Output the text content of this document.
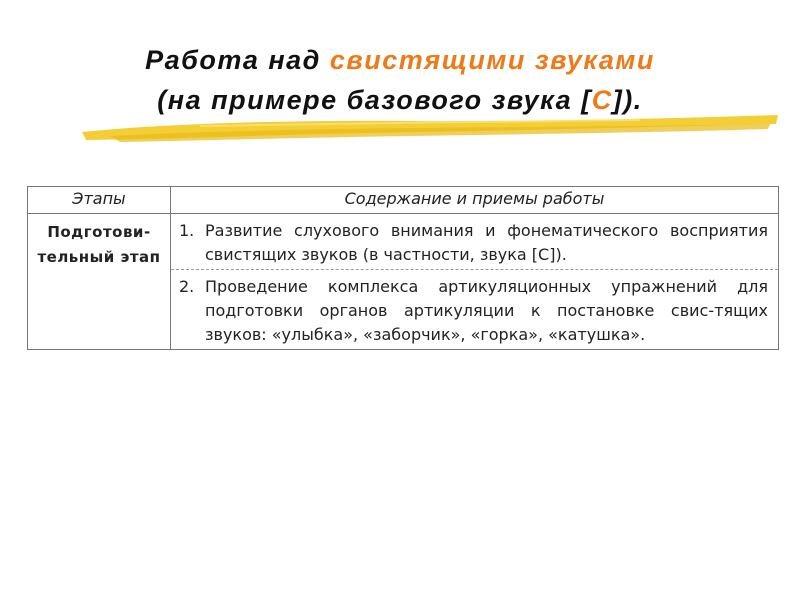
Работа над свистящими звуками
(на примере базового звука [С]).
Этапы	Содержание и приемы работы
Подготови-тельный этап	1. Развитие слухового внимания и фонематического восприятия свистящих звуков (в частности, звука [С]).
2. Проведение комплекса артикуляционных упражнений для подготовки органов артикуляции к постановке свис-тящих звуков: «улыбка», «заборчик», «горка», «катушка».
